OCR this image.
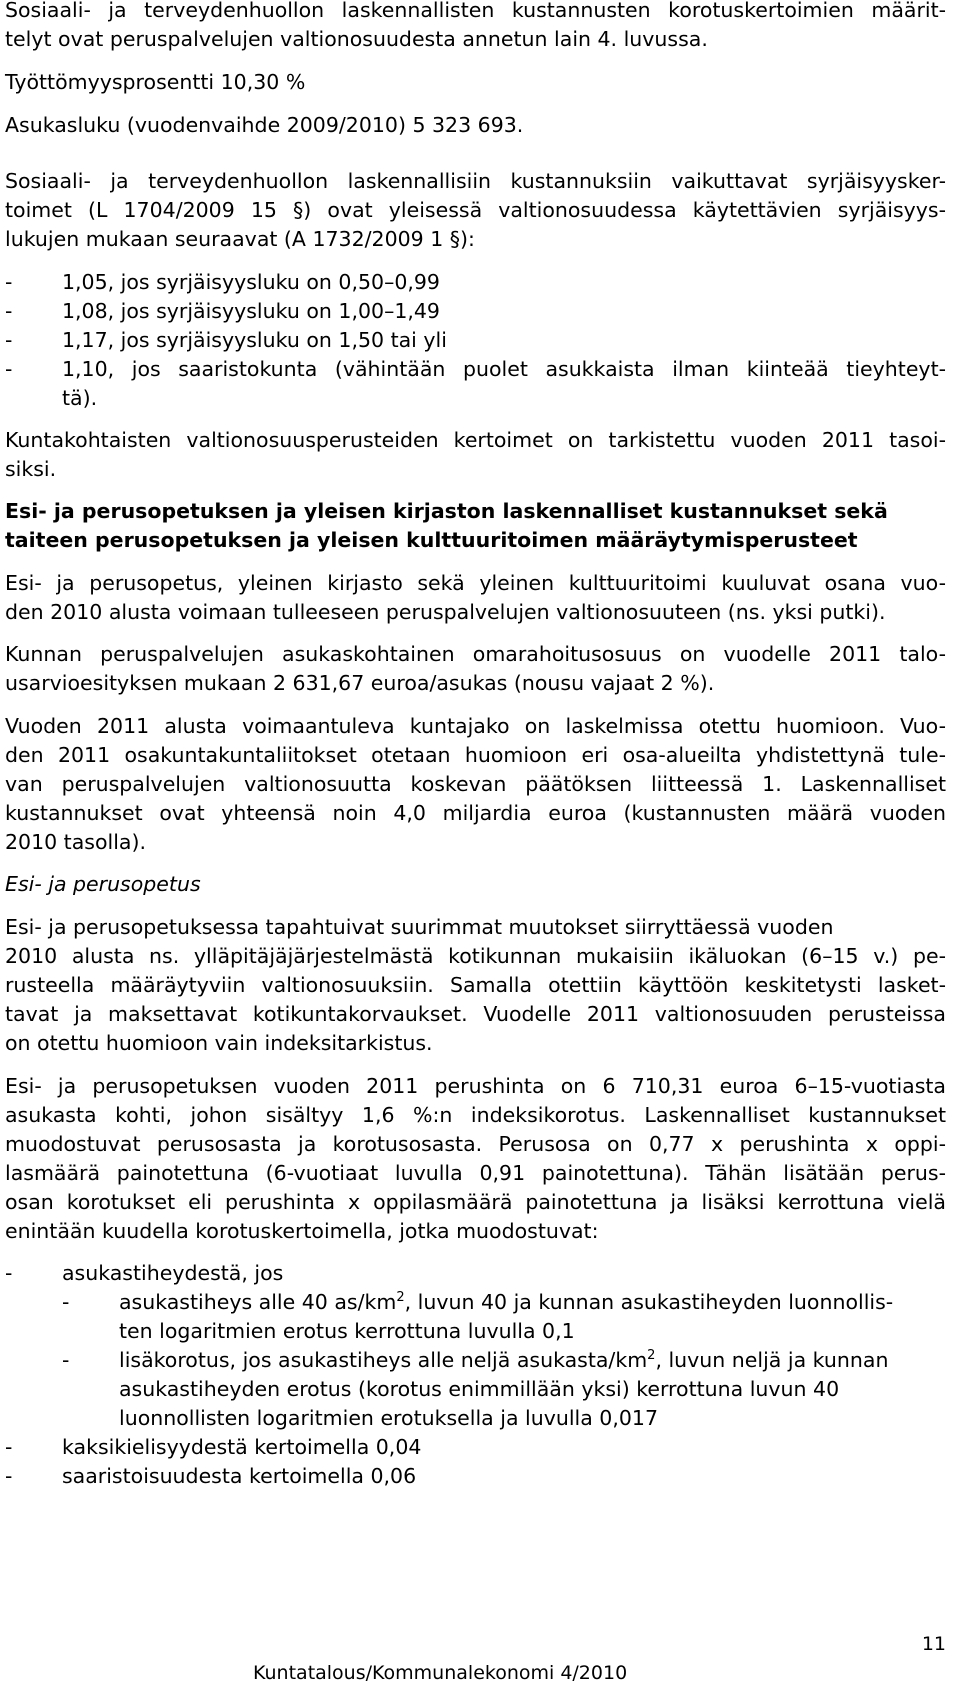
Sosiaali- ja terveydenhuollon laskennallisten kustannusten korotuskertoimien määrit-
telyt ovat peruspalvelujen valtionosuudesta annetun lain 4. luvussa.
Työttömyysprosentti 10,30 %
Asukasluku (vuodenvaihde 2009/2010) 5 323 693.
Sosiaali- ja terveydenhuollon laskennallisiin kustannuksiin vaikuttavat syrjäisyysker-
toimet (L 1704/2009 15 §) ovat yleisessä valtionosuudessa käytettävien syrjäisyys-
lukujen mukaan seuraavat (A 1732/2009 1 §):
- 1,05, jos syrjäisyysluku on 0,50–0,99
- 1,08, jos syrjäisyysluku on 1,00–1,49
- 1,17, jos syrjäisyysluku on 1,50 tai yli
- 1,10, jos saaristokunta (vähintään puolet asukkaista ilman kiinteää tieyhteyt-
tä).
Kuntakohtaisten valtionosuusperusteiden kertoimet on tarkistettu vuoden 2011 tasoi-
siksi.
Esi- ja perusopetuksen ja yleisen kirjaston laskennalliset kustannukset sekä
taiteen perusopetuksen ja yleisen kulttuuritoimen määräytymisperusteet
Esi- ja perusopetus, yleinen kirjasto sekä yleinen kulttuuritoimi kuuluvat osana vuo-
den 2010 alusta voimaan tulleeseen peruspalvelujen valtionosuuteen (ns. yksi putki).
Kunnan peruspalvelujen asukaskohtainen omarahoitusosuus on vuodelle 2011 talo-
usarvioesityksen mukaan 2 631,67 euroa/asukas (nousu vajaat 2 %).
Vuoden 2011 alusta voimaantuleva kuntajako on laskelmissa otettu huomioon. Vuo-
den 2011 osakuntakuntaliitokset otetaan huomioon eri osa-alueilta yhdistettynä tule-
van peruspalvelujen valtionosuutta koskevan päätöksen liitteessä 1. Laskennalliset
kustannukset ovat yhteensä noin 4,0 miljardia euroa (kustannusten määrä vuoden
2010 tasolla).
Esi- ja perusopetus
Esi- ja perusopetuksessa tapahtuivat suurimmat muutokset siirryttäessä vuoden
2010 alusta ns. ylläpitäjäjärjestelmästä kotikunnan mukaisiin ikäluokan (6–15 v.) pe-
rusteella määräytyviin valtionosuuksiin. Samalla otettiin käyttöön keskitetysti lasket-
tavat ja maksettavat kotikuntakorvaukset. Vuodelle 2011 valtionosuuden perusteissa
on otettu huomioon vain indeksitarkistus.
Esi- ja perusopetuksen vuoden 2011 perushinta on 6 710,31 euroa 6–15-vuotiasta
asukasta kohti, johon sisältyy 1,6 %:n indeksikorotus. Laskennalliset kustannukset
muodostuvat perusosasta ja korotusosasta. Perusosa on 0,77 x perushinta x oppi-
lasmäärä painotettuna (6-vuotiaat luvulla 0,91 painotettuna). Tähän lisätään perus-
osan korotukset eli perushinta x oppilasmäärä painotettuna ja lisäksi kerrottuna vielä
enintään kuudella korotuskertoimella, jotka muodostuvat:
- asukastiheydestä, jos
- asukastiheys alle 40 $as/km^2$, luvun 40 ja kunnan asukastiheyden luonnollis-
ten logaritmien erotus kerrottuna luvulla 0,1
- lisäkorotus, jos asukastiheys alle neljä asukasta/$km^2$, luvun neljä ja kunnan
asukastiheyden erotus (korotus enimmillään yksi) kerrottuna luvun 40
luonnollisten logaritmien erotuksella ja luvulla 0,017
- kaksikielisyydestä kertoimella 0,04
- saaristoisuudesta kertoimella 0,06
11
Kuntatalous/Kommunalekonomi 4/2010
